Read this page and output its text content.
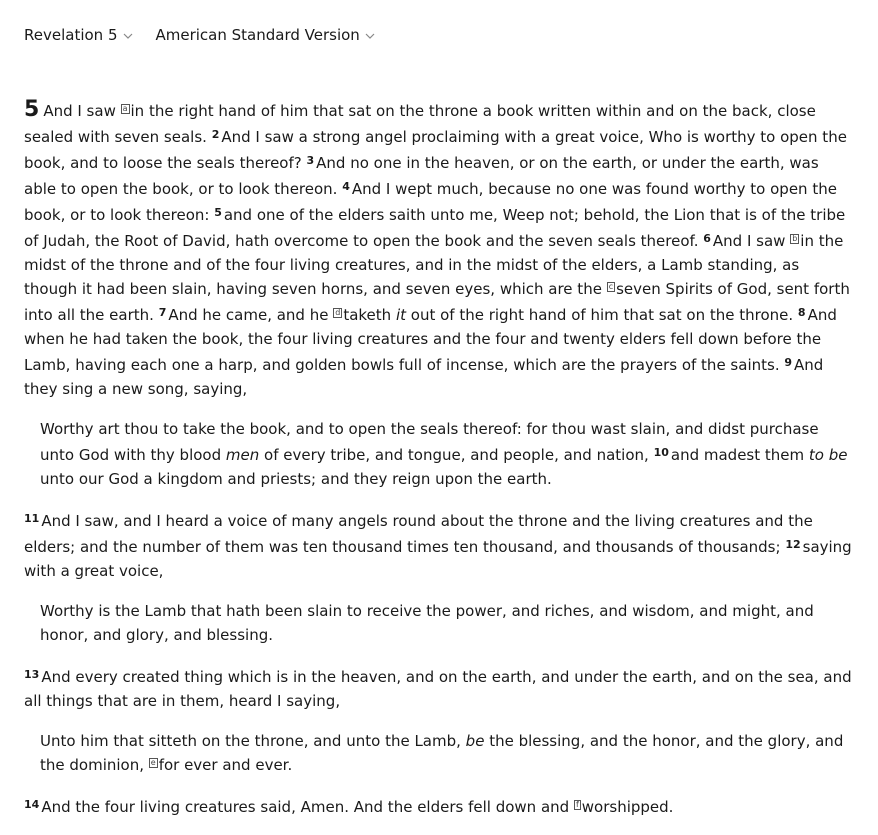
Revelation 5	American Standard Version

5 And I saw a in the right hand of him that sat on the throne a book written within and on the back, close sealed with seven seals. $^2$ And I saw a strong angel proclaiming with a great voice, Who is worthy to open the book, and to loose the seals thereof? $^3$ And no one in the heaven, or on the earth, or under the earth, was able to open the book, or to look thereon. $^4$ And I wept much, because no one was found worthy to open the book, or to look thereon: $^5$ and one of the elders saith unto me, Weep not; behold, the Lion that is of the tribe of Judah, the Root of David, hath overcome to open the book and the seven seals thereof. $^6$ And I saw b in the midst of the throne and of the four living creatures, and in the midst of the elders, a Lamb standing, as though it had been slain, having seven horns, and seven eyes, which are the c seven Spirits of God, sent forth into all the earth. $^7$ And he came, and he d taketh it out of the right hand of him that sat on the throne. $^8$ And when he had taken the book, the four living creatures and the four and twenty elders fell down before the Lamb, having each one a harp, and golden bowls full of incense, which are the prayers of the saints. $^9$ And they sing a new song, saying,

Worthy art thou to take the book, and to open the seals thereof: for thou wast slain, and didst purchase unto God with thy blood men of every tribe, and tongue, and people, and nation, $^{10}$ and madest them to be unto our God a kingdom and priests; and they reign upon the earth.

$^{11}$ And I saw, and I heard a voice of many angels round about the throne and the living creatures and the elders; and the number of them was ten thousand times ten thousand, and thousands of thousands; $^{12}$ saying with a great voice,

Worthy is the Lamb that hath been slain to receive the power, and riches, and wisdom, and might, and honor, and glory, and blessing.

$^{13}$ And every created thing which is in the heaven, and on the earth, and under the earth, and on the sea, and all things that are in them, heard I saying,

Unto him that sitteth on the throne, and unto the Lamb, be the blessing, and the honor, and the glory, and the dominion, e for ever and ever.

$^{14}$ And the four living creatures said, Amen. And the elders fell down and f worshipped.
